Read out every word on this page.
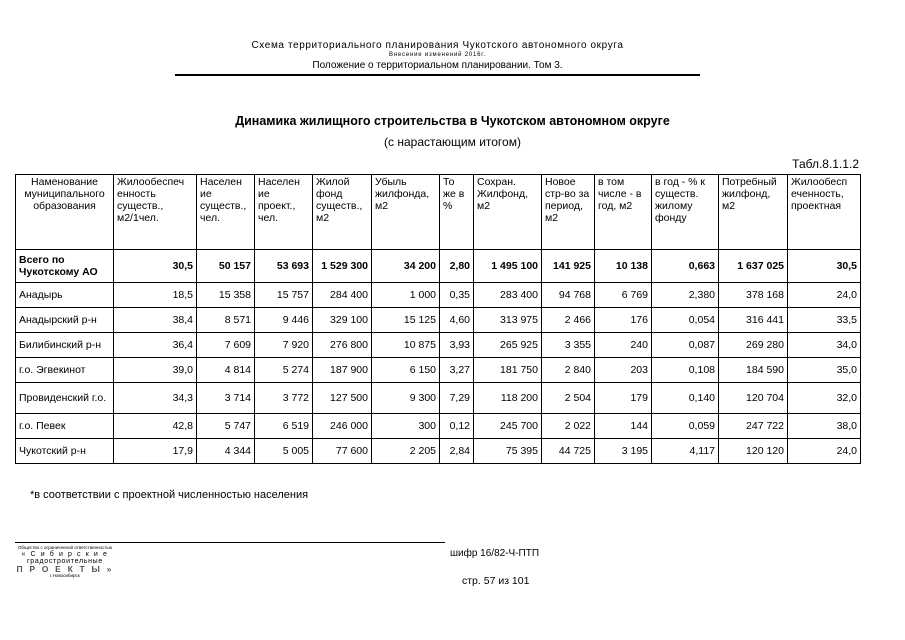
Схема территориального планирования Чукотского автономного округа
Внесение изменений 2016г.
Положение о территориальном планировании. Том 3.
Динамика жилищного строительства в Чукотском автономном округе
(с нарастающим итогом)
Табл.8.1.1.2
Наменование муниципального образования	Жилообеспеч енность существ., м2/1чел.	Населен ие существ., чел.	Населен ие проект., чел.	Жилой фонд существ., м2	Убыль жилфонда, м2	То же в %	Сохран. Жилфонд, м2	Новое стр-во за период, м2	в том числе - в год, м2	в год - % к существ. жилому фонду	Потребный жилфонд, м2	Жилообесп еченность, проектная
Всего по Чукотскому АО	30,5	50 157	53 693	1 529 300	34 200	2,80	1 495 100	141 925	10 138	0,663	1 637 025	30,5
Анадырь	18,5	15 358	15 757	284 400	1 000	0,35	283 400	94 768	6 769	2,380	378 168	24,0
Анадырский р-н	38,4	8 571	9 446	329 100	15 125	4,60	313 975	2 466	176	0,054	316 441	33,5
Билибинский р-н	36,4	7 609	7 920	276 800	10 875	3,93	265 925	3 355	240	0,087	269 280	34,0
г.о. Эгвекинот	39,0	4 814	5 274	187 900	6 150	3,27	181 750	2 840	203	0,108	184 590	35,0
Провиденский г.о.	34,3	3 714	3 772	127 500	9 300	7,29	118 200	2 504	179	0,140	120 704	32,0
г.о. Певек	42,8	5 747	6 519	246 000	300	0,12	245 700	2 022	144	0,059	247 722	38,0
Чукотский р-н	17,9	4 344	5 005	77 600	2 205	2,84	75 395	44 725	3 195	4,117	120 120	24,0
*в соответствии с проектной численностью населения
Общество с ограниченной ответственностью
« С и б и р с к и е
градостроительные
П Р О Е К Т Ы »
г.Новосибирск
шифр 16/82-Ч-ПТП
стр. 57 из 101
